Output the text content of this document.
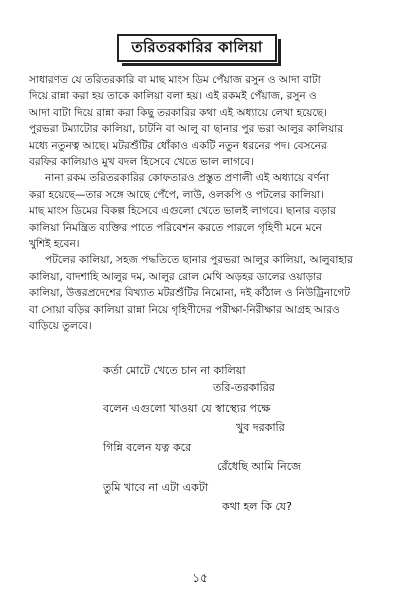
তরিতরকারির কালিয়া

সাধারণত যে তরিতরকারি বা মাছ মাংস ডিম পেঁয়াজ রসুন ও আদা বাটা
দিয়ে রান্না করা হয় তাকে কালিয়া বলা হয়। এই রকমই পেঁয়াজ, রসুন ও
আদা বাটা দিয়ে রান্না করা কিছু তরকারির কথা এই অধ্যায়ে লেখা হয়েছে।
পুরভরা টম্যাটোর কালিয়া, চাটনি বা আলু বা ছানার পুর ভরা আলুর কালিয়ার
মধ্যে নতুনত্ব আছে। মটরশুঁটির ধোঁকাও একটি নতুন ধরনের পদ। বেসনের
বরফির কালিয়াও মুখ বদল হিসেবে খেতে ভাল লাগবে।

নানা রকম তরিতরকারির কোফতারও প্রস্তুত প্রণালী এই অধ্যায়ে বর্ণনা
করা হয়েছে—তার সঙ্গে আছে পেঁপে, লাউ, ওলকপি ও পটলের কালিয়া।
মাছ মাংস ডিমের বিকল্প হিসেবে এগুলো খেতে ভালই লাগবে। ছানার বড়ার
কালিয়া নিমন্ত্রিত ব্যক্তির পাতে পরিবেশন করতে পারলে গৃহিণী মনে মনে
খুশিই হবেন।

পটলের কালিয়া, সহজ পদ্ধতিতে ছানার পুরভরা আলুর কালিয়া, আলুবাহার
কালিয়া, বাদশাহি আলুর দম, আলুর রোল মেথি অড়হর ডালের ওয়াড়ার
কালিয়া, উত্তরপ্রদেশের বিখ্যাত মটরশুঁটির নিমোনা, দই কাঁঠাল ও নিউট্রিনাগেট
বা সোয়া বড়ির কালিয়া রান্না নিয়ে গৃহিণীদের পরীক্ষা-নিরীক্ষার আগ্রহ আরও
বাড়িয়ে তুলবে।

কর্তা মোটে খেতে চান না কালিয়া
তরি-তরকারির
বলেন এগুলো খাওয়া যে স্বাস্থ্যের পক্ষে
খুব দরকারি
গিন্নি বলেন যত্ন করে
রেঁধেছি আমি নিজে
তুমি খাবে না এটা একটা
কথা হল কি যে?
১৫
